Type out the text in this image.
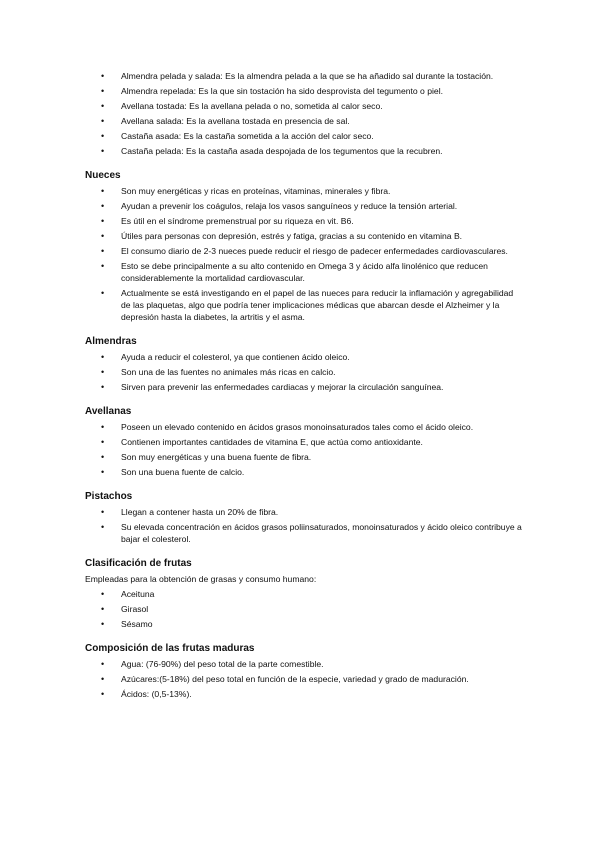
• Almendra pelada y salada: Es la almendra pelada a la que se ha añadido sal durante la tostación.
• Almendra repelada: Es la que sin tostación ha sido desprovista del tegumento o piel.
• Avellana tostada: Es la avellana pelada o no, sometida al calor seco.
• Avellana salada: Es la avellana tostada en presencia de sal.
• Castaña asada: Es la castaña sometida a la acción del calor seco.
• Castaña pelada: Es la castaña asada despojada de los tegumentos que la recubren.
Nueces
• Son muy energéticas y ricas en proteínas, vitaminas, minerales y fibra.
• Ayudan a prevenir los coágulos, relaja los vasos sanguíneos y reduce la tensión arterial.
• Es útil en el síndrome premenstrual por su riqueza en vit. B6.
• Útiles para personas con depresión, estrés y fatiga, gracias a su contenido en vitamina B.
• El consumo diario de 2-3 nueces puede reducir el riesgo de padecer enfermedades cardiovasculares.
• Esto se debe principalmente a su alto contenido en Omega 3 y ácido alfa linolénico que reducen considerablemente la mortalidad cardiovascular.
• Actualmente se está investigando en el papel de las nueces para reducir la inflamación y agregabilidad de las plaquetas, algo que podría tener implicaciones médicas que abarcan desde el Alzheimer y la depresión hasta la diabetes, la artritis y el asma.
Almendras
• Ayuda a reducir el colesterol, ya que contienen ácido oleico.
• Son una de las fuentes no animales más ricas en calcio.
• Sirven para prevenir las enfermedades cardiacas y mejorar la circulación sanguínea.
Avellanas
• Poseen un elevado contenido en ácidos grasos monoinsaturados tales como el ácido oleico.
• Contienen importantes cantidades de vitamina E, que actúa como antioxidante.
• Son muy energéticas y una buena fuente de fibra.
• Son una buena fuente de calcio.
Pistachos
• Llegan a contener hasta un 20% de fibra.
• Su elevada concentración en ácidos grasos poliinsaturados, monoinsaturados y ácido oleico contribuye a bajar el colesterol.
Clasificación de frutas
Empleadas para la obtención de grasas y consumo humano:
• Aceituna
• Girasol
• Sésamo
Composición de las frutas maduras
• Agua: (76-90%) del peso total de la parte comestible.
• Azúcares:(5-18%) del peso total en función de la especie, variedad y grado de maduración.
• Ácidos: (0,5-13%).
